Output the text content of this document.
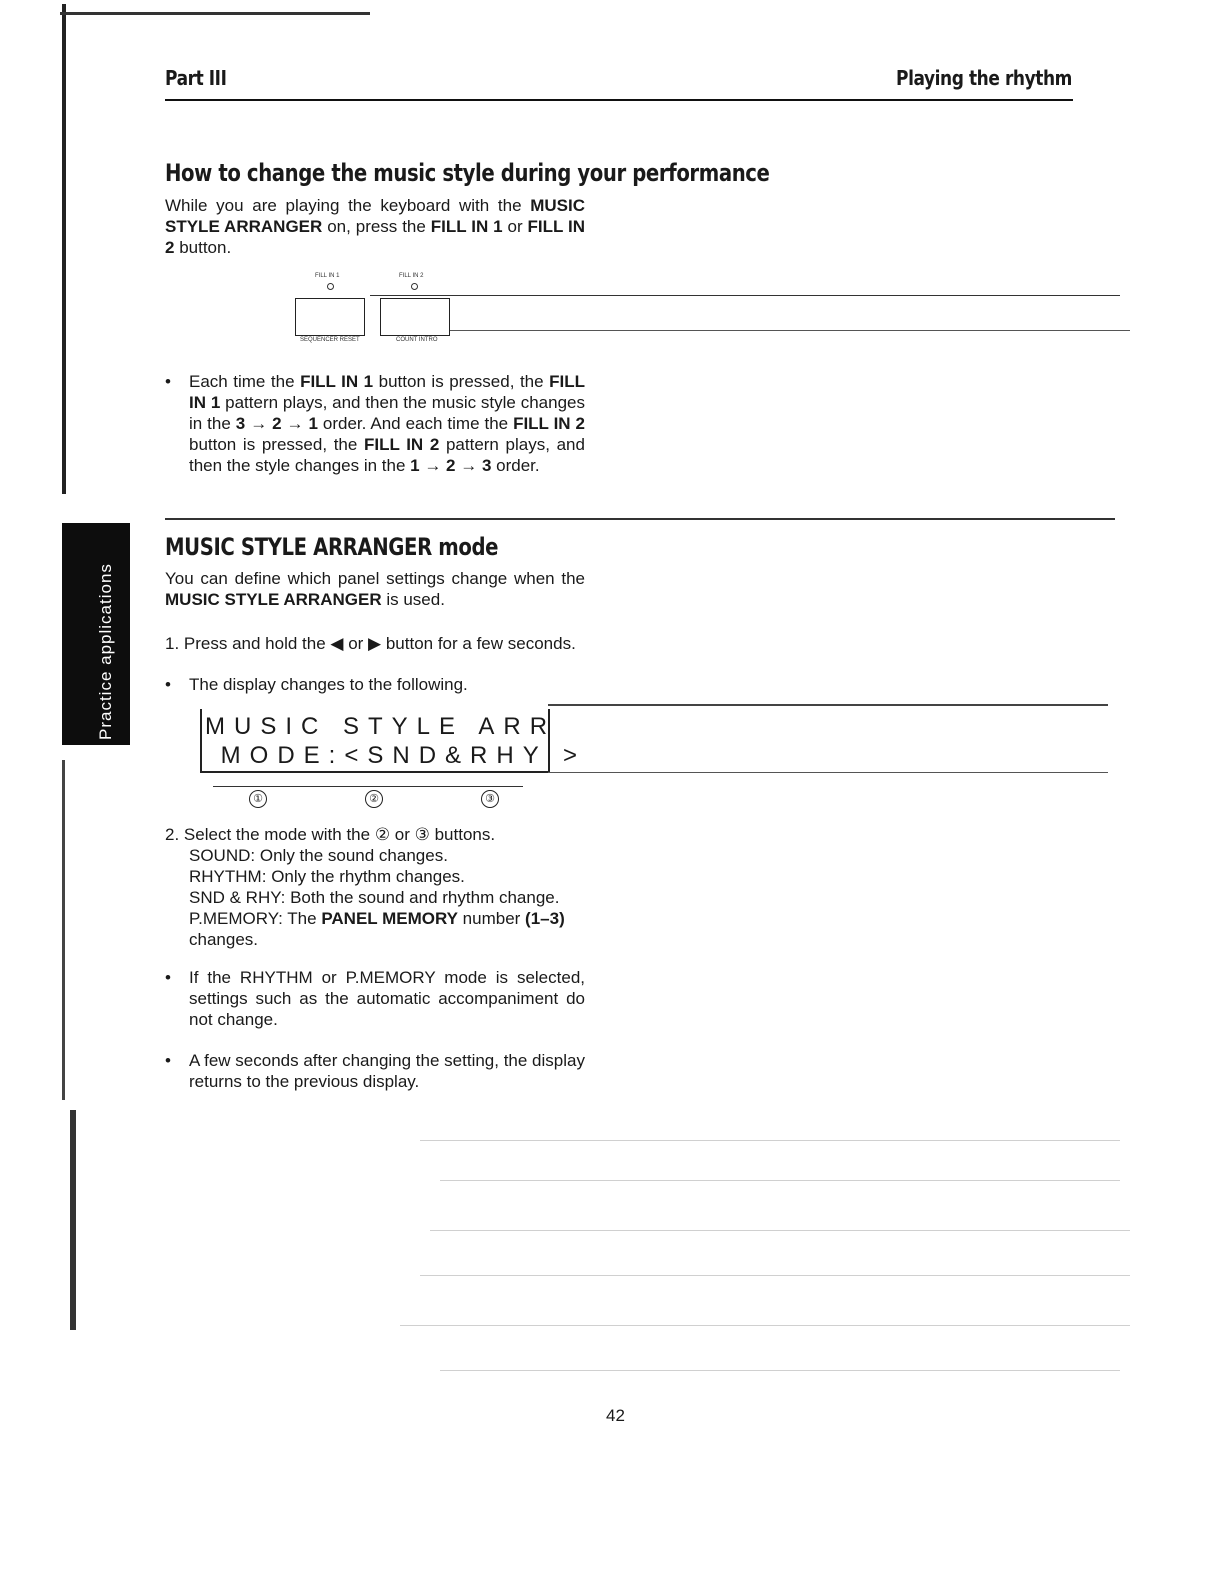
Part III	Playing the rhythm
How to change the music style during your performance
While you are playing the keyboard with the MUSIC STYLE ARRANGER on, press the FILL IN 1 or FILL IN 2 button.
FILL IN 1	FILL IN 2
SEQUENCER RESET	COUNT INTRO
•	Each time the FILL IN 1 button is pressed, the FILL IN 1 pattern plays, and then the music style changes in the 3 → 2 → 1 order. And each time the FILL IN 2 button is pressed, the FILL IN 2 pattern plays, and then the style changes in the 1 → 2 → 3 order.
Practice applications
MUSIC STYLE ARRANGER mode
You can define which panel settings change when the MUSIC STYLE ARRANGER is used.
1. Press and hold the ◀ or ▶ button for a few seconds.
•	The display changes to the following.
MUSIC STYLE ARR
MODE:<SND&RHY >
①	②	③
2. Select the mode with the ② or ③ buttons.
SOUND: Only the sound changes.
RHYTHM: Only the rhythm changes.
SND & RHY: Both the sound and rhythm change.
P.MEMORY: The PANEL MEMORY number (1–3) changes.
•	If the RHYTHM or P.MEMORY mode is selected, settings such as the automatic accompaniment do not change.
•	A few seconds after changing the setting, the display returns to the previous display.
42
